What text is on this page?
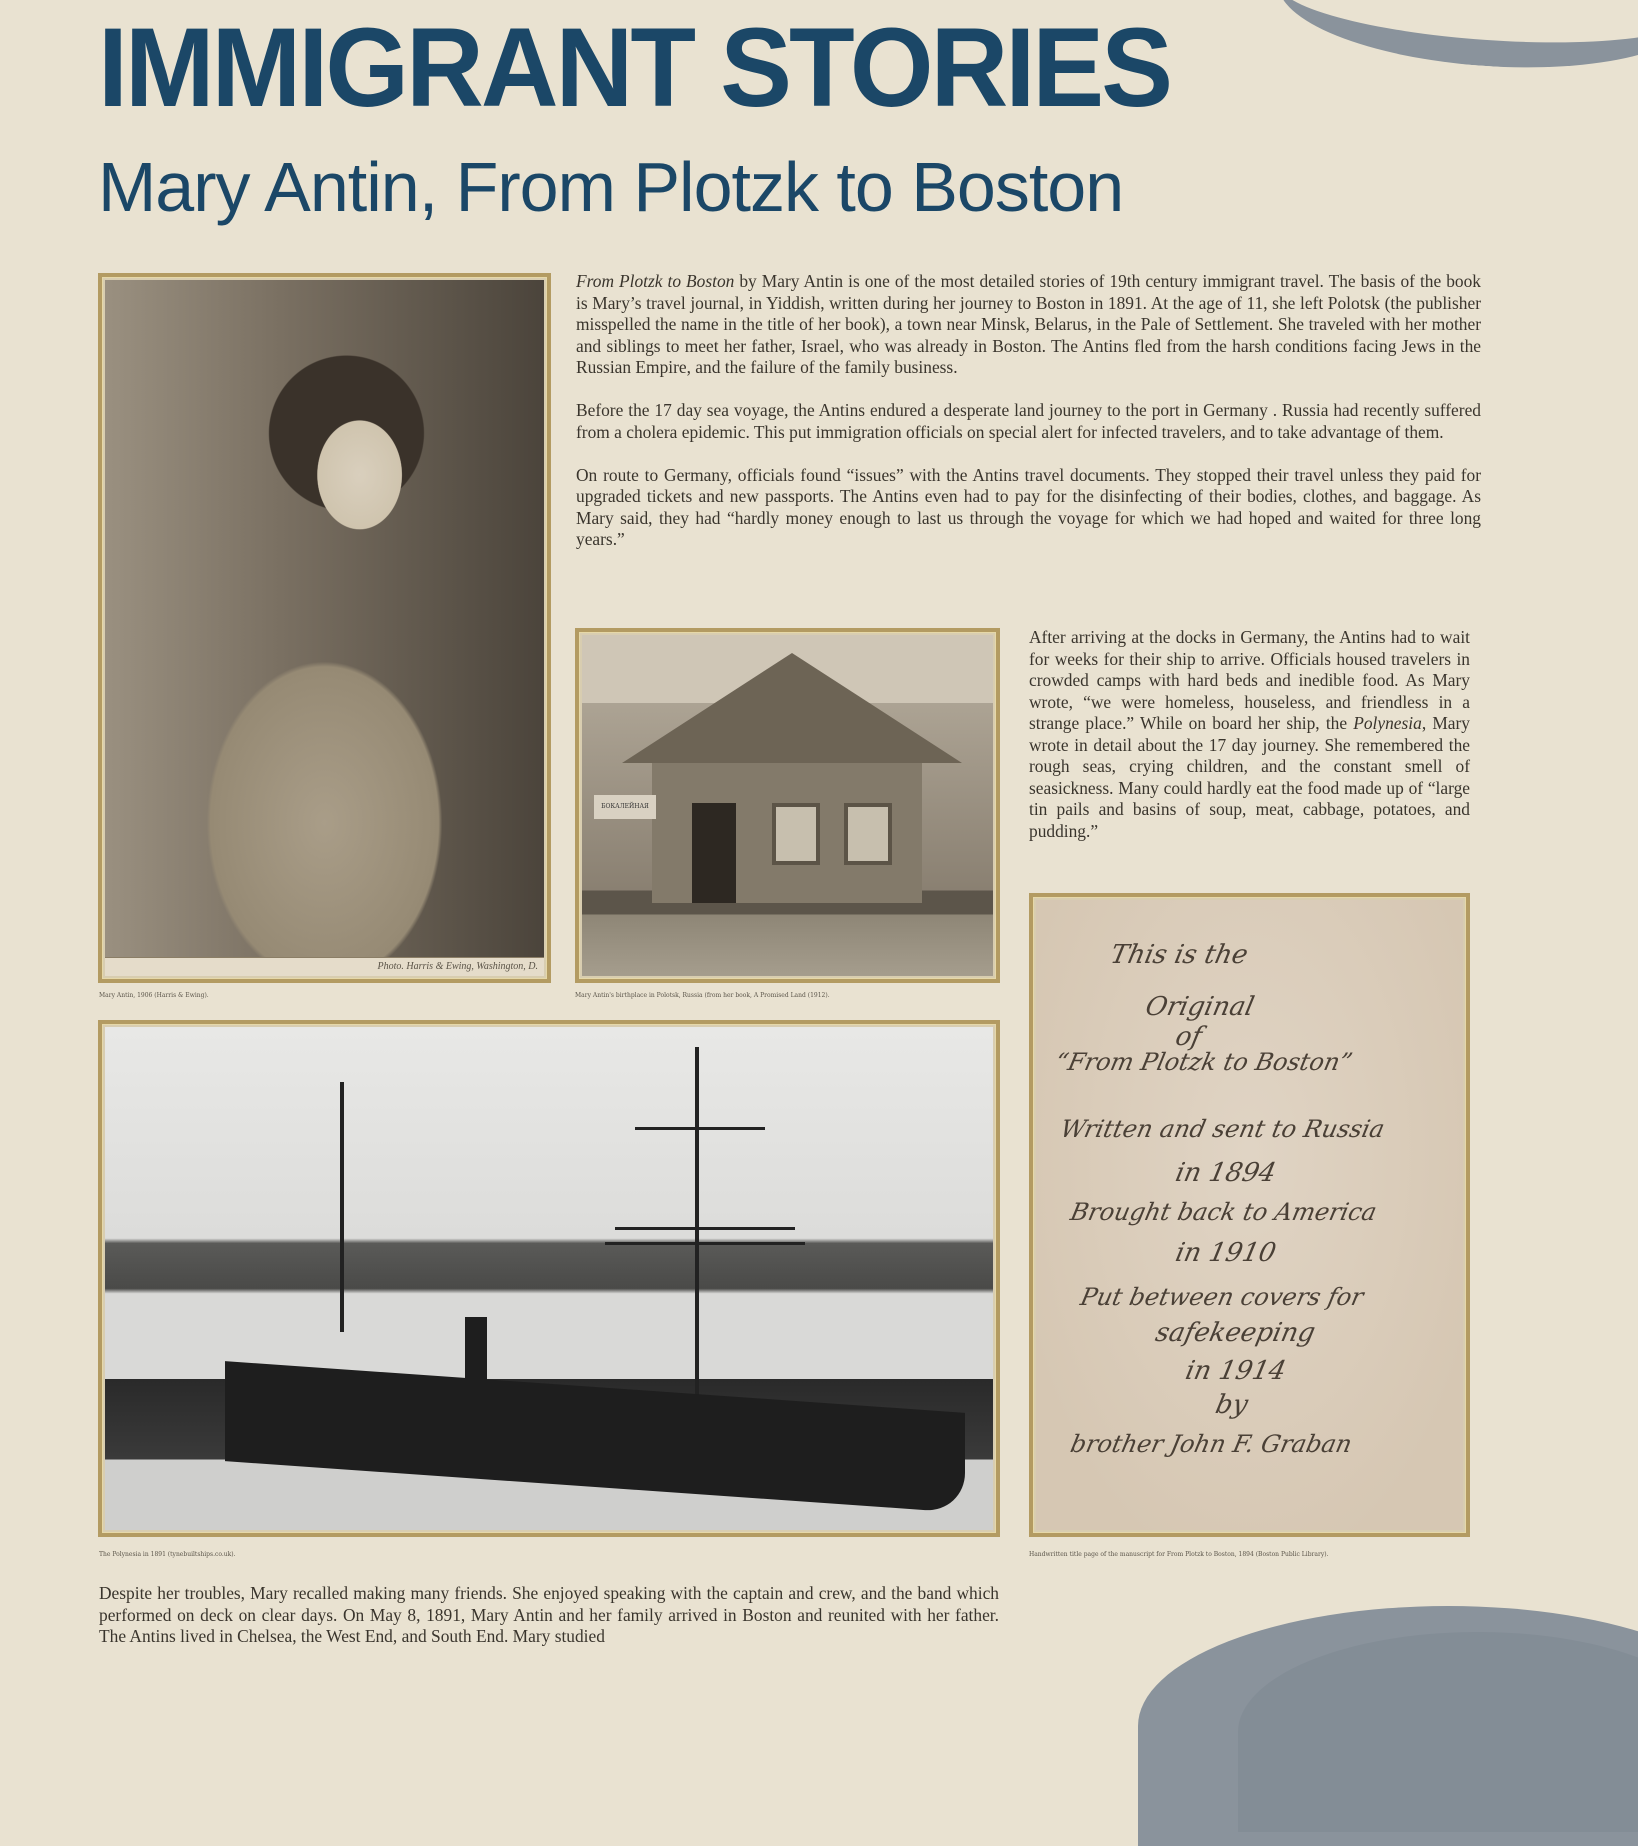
IMMIGRANT STORIES
Mary Antin, From Plotzk to Boston
Photo. Harris & Ewing, Washington, D.
Mary Antin, 1906 (Harris & Ewing).

From Plotzk to Boston by Mary Antin is one of the most detailed stories of 19th century immigrant travel. The basis of the book is Mary’s travel journal, in Yiddish, written during her journey to Boston in 1891. At the age of 11, she left Polotsk (the publisher misspelled the name in the title of her book), a town near Minsk, Belarus, in the Pale of Settlement. She traveled with her mother and siblings to meet her father, Israel, who was already in Boston. The Antins fled from the harsh conditions facing Jews in the Russian Empire, and the failure of the family business.

Before the 17 day sea voyage, the Antins endured a desperate land journey to the port in Germany . Russia had recently suffered from a cholera epidemic. This put immigration officials on special alert for infected travelers, and to take advantage of them.

On route to Germany, officials found “issues” with the Antins travel documents. They stopped their travel unless they paid for upgraded tickets and new passports. The Antins even had to pay for the disinfecting of their bodies, clothes, and baggage. As Mary said, they had “hardly money enough to last us through the voyage for which we had hoped and waited for three long years.”

БОКАЛЕЙНАЯ
Mary Antin's birthplace in Polotsk, Russia (from her book, A Promised Land (1912).

After arriving at the docks in Germany, the Antins had to wait for weeks for their ship to arrive. Officials housed travelers in crowded camps with hard beds and inedible food. As Mary wrote, “we were homeless, houseless, and friendless in a strange place.” While on board her ship, the Polynesia, Mary wrote in detail about the 17 day journey. She remembered the rough seas, crying children, and the constant smell of seasickness. Many could hardly eat the food made up of “large tin pails and basins of soup, meat, cabbage, potatoes, and pudding.”

The Polynesia in 1891 (tynebuiltships.co.uk).
This is the
Original
of
“From Plotzk to Boston”
Written and sent to Russia
in 1894
Brought back to America
in 1910
Put between covers for
safekeeping
in 1914
by
brother John F. Graban
Handwritten title page of the manuscript for From Plotzk to Boston, 1894 (Boston Public Library).

Despite her troubles, Mary recalled making many friends. She enjoyed speaking with the captain and crew, and the band which performed on deck on clear days. On May 8, 1891, Mary Antin and her family arrived in Boston and reunited with her father. The Antins lived in Chelsea, the West End, and South End. Mary studied
